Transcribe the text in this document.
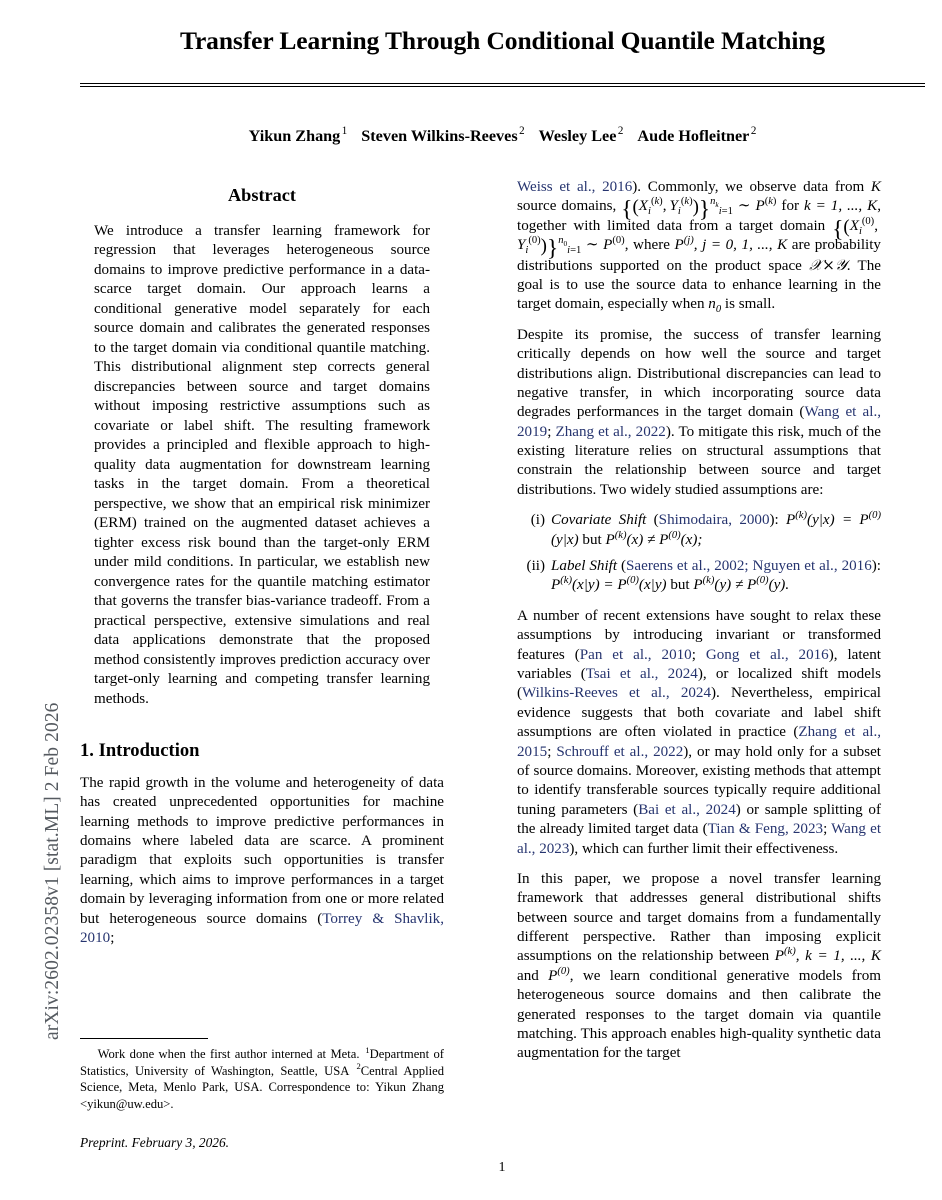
arXiv:2602.02358v1 [stat.ML] 2 Feb 2026
Transfer Learning Through Conditional Quantile Matching
Yikun Zhang $^1$ Steven Wilkins-Reeves $^2$ Wesley Lee $^2$ Aude Hofleitner $^2$
Abstract

We introduce a transfer learning framework for regression that leverages heterogeneous source domains to improve predictive performance in a data-scarce target domain. Our approach learns a conditional generative model separately for each source domain and calibrates the generated responses to the target domain via conditional quantile matching. This distributional alignment step corrects general discrepancies between source and target domains without imposing restrictive assumptions such as covariate or label shift. The resulting framework provides a principled and flexible approach to high-quality data augmentation for downstream learning tasks in the target domain. From a theoretical perspective, we show that an empirical risk minimizer (ERM) trained on the augmented dataset achieves a tighter excess risk bound than the target-only ERM under mild conditions. In particular, we establish new convergence rates for the quantile matching estimator that governs the transfer bias-variance tradeoff. From a practical perspective, extensive simulations and real data applications demonstrate that the proposed method consistently improves prediction accuracy over target-only learning and competing transfer learning methods.

1. Introduction

The rapid growth in the volume and heterogeneity of data has created unprecedented opportunities for machine learning methods to improve predictive performances in domains where labeled data are scarce. A prominent paradigm that exploits such opportunities is transfer learning, which aims to improve performances in a target domain by leveraging information from one or more related but heterogeneous source domains (Torrey & Shavlik, 2010;

Weiss et al., 2016). Commonly, we observe data from K source domains, {($X_i^{(k)}$, $Y_i^{(k)})\}^{n_k}_{i=1}$ ∼ $P^{(k)}$ for k = 1, ..., K, together with limited data from a target domain {($X_i^{(0)}$, $Y_i^{(0)})\}^{n_0}_{i=1}$ ∼ $P^{(0)}$, where $P^{(j)}$, j = 0, 1, ..., K are probability distributions supported on the product space 𝒳×𝒴. The goal is to use the source data to enhance learning in the target domain, especially when $n_0$ is small.

Despite its promise, the success of transfer learning critically depends on how well the source and target distributions align. Distributional discrepancies can lead to negative transfer, in which incorporating source data degrades performances in the target domain (Wang et al., 2019; Zhang et al., 2022). To mitigate this risk, much of the existing literature relies on structural assumptions that constrain the relationship between source and target distributions. Two widely studied assumptions are:

(i) Covariate Shift (Shimodaira, 2000): $P^{(k)}(y|x) = P^{(0)}(y|x)$ but $P^{(k)}(x) \ne P^{(0)}(x)$;
(ii) Label Shift (Saerens et al., 2002; Nguyen et al., 2016): $P^{(k)}(x|y) = P^{(0)}(x|y)$ but $P^{(k)}(y) \ne P^{(0)}(y)$.

A number of recent extensions have sought to relax these assumptions by introducing invariant or transformed features (Pan et al., 2010; Gong et al., 2016), latent variables (Tsai et al., 2024), or localized shift models (Wilkins-Reeves et al., 2024). Nevertheless, empirical evidence suggests that both covariate and label shift assumptions are often violated in practice (Zhang et al., 2015; Schrouff et al., 2022), or may hold only for a subset of source domains. Moreover, existing methods that attempt to identify transferable sources typically require additional tuning parameters (Bai et al., 2024) or sample splitting of the already limited target data (Tian & Feng, 2023; Wang et al., 2023), which can further limit their effectiveness.

In this paper, we propose a novel transfer learning framework that addresses general distributional shifts between source and target domains from a fundamentally different perspective. Rather than imposing explicit assumptions on the relationship between $P^{(k)}$, k = 1, ..., K and $P^{(0)}$, we learn conditional generative models from heterogeneous source domains and then calibrate the generated responses to the target domain via quantile matching. This approach enables high-quality synthetic data augmentation for the target

Work done when the first author interned at Meta. $^1$Department of Statistics, University of Washington, Seattle, USA $^2$Central Applied Science, Meta, Menlo Park, USA. Correspondence to: Yikun Zhang <yikun@uw.edu>.

Preprint. February 3, 2026.
1
